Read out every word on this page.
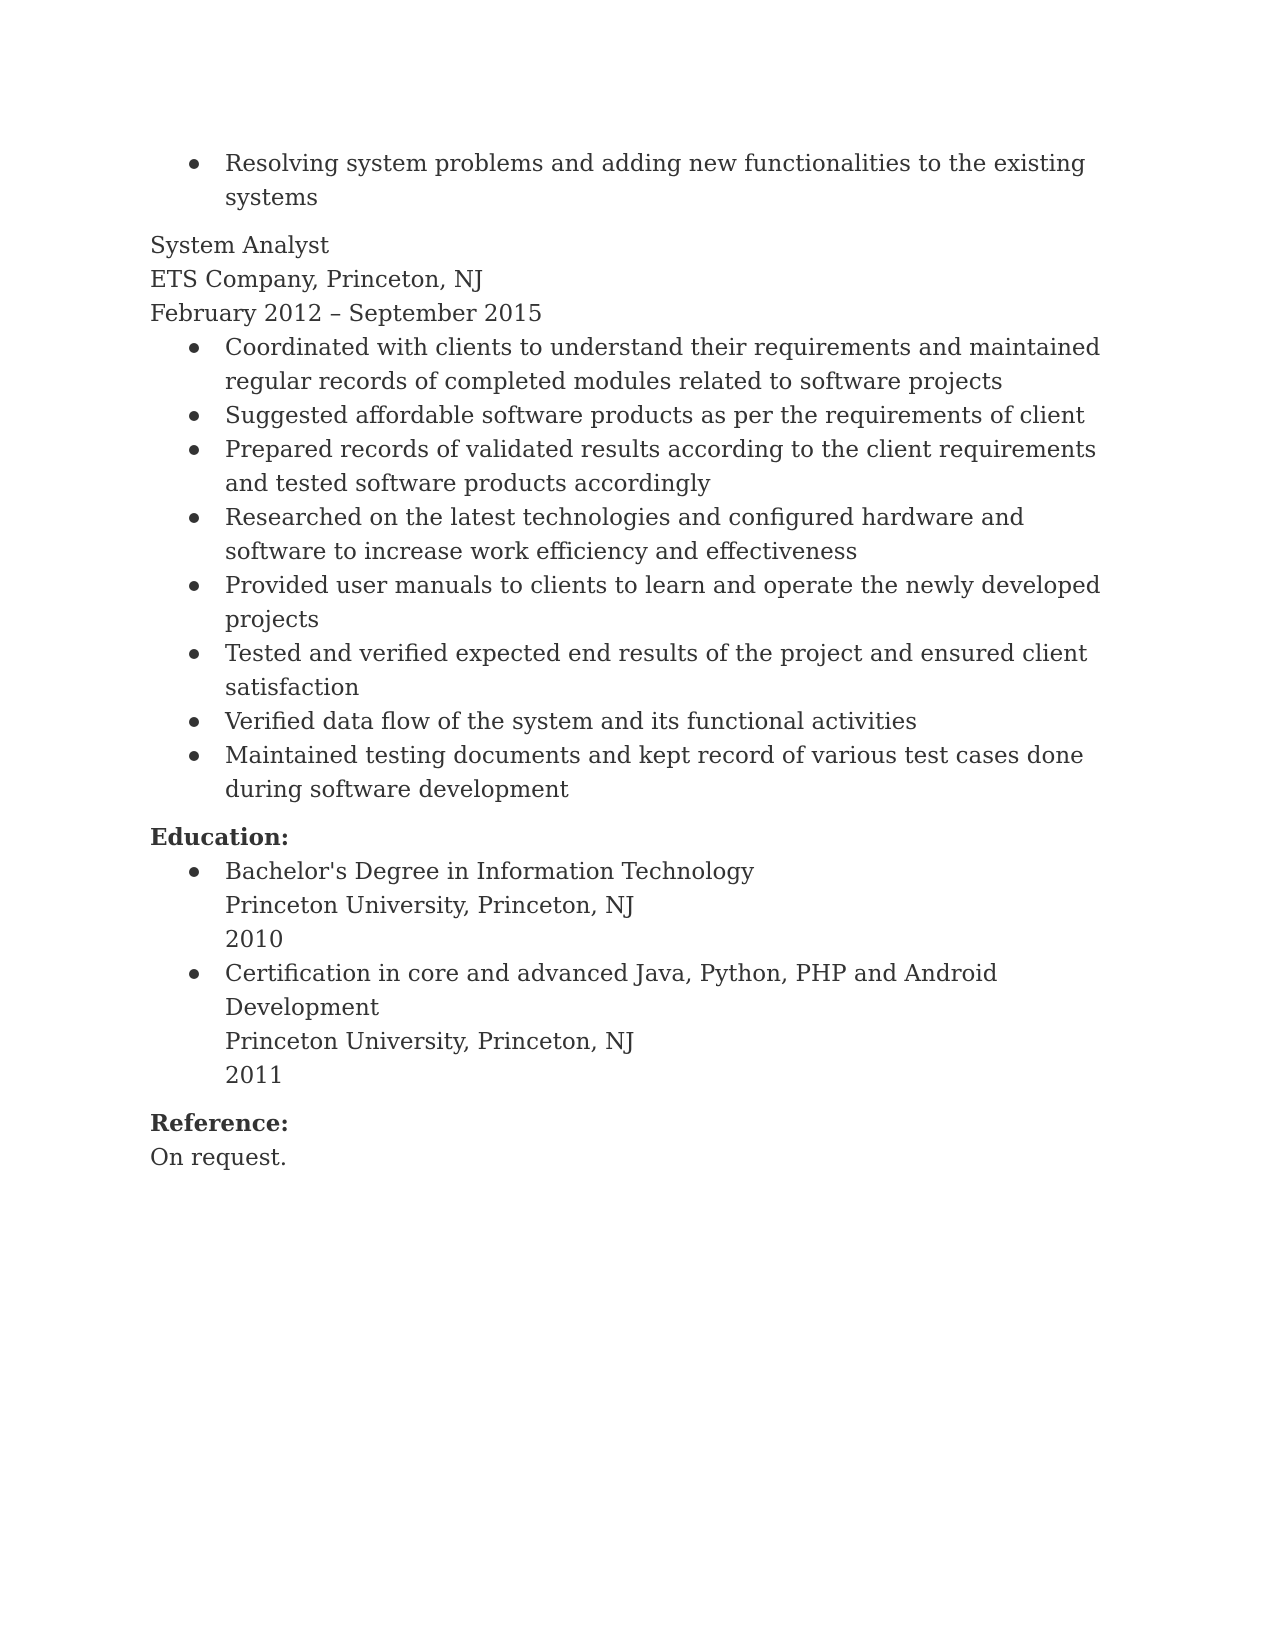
Resolving system problems and adding new functionalities to the existing systems
System Analyst
ETS Company, Princeton, NJ
February 2012 – September 2015
Coordinated with clients to understand their requirements and maintained regular records of completed modules related to software projects
Suggested affordable software products as per the requirements of client
Prepared records of validated results according to the client requirements and tested software products accordingly
Researched on the latest technologies and configured hardware and software to increase work efficiency and effectiveness
Provided user manuals to clients to learn and operate the newly developed projects
Tested and verified expected end results of the project and ensured client satisfaction
Verified data flow of the system and its functional activities
Maintained testing documents and kept record of various test cases done during software development
Education:
Bachelor's Degree in Information Technology
Princeton University, Princeton, NJ
2010
Certification in core and advanced Java, Python, PHP and Android Development
Princeton University, Princeton, NJ
2011
Reference:
On request.
